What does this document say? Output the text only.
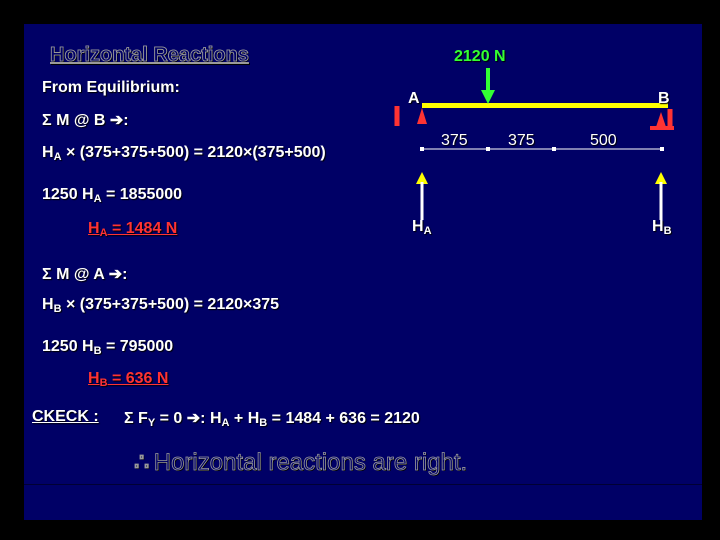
Horizontal Reactions
From Equilibrium:
Σ M @ B ➔:
$H_A \times (375+375+500) = 2120\times(375+500)$
1250 $H_A = 1855000$
$H_A = 1484$ N
Σ M @ A ➔:
$H_B \times (375+375+500) = 2120\times 375$
1250 $H_B = 795000$
$H_B = 636$ N
CKECK : Σ $F_Y = 0$ ➔: $H_A + H_B = 1484 + 636 = 2120$
∴ Horizontal reactions are right.
2120 N
A	B
375	375	500
$H_A$	$H_B$
